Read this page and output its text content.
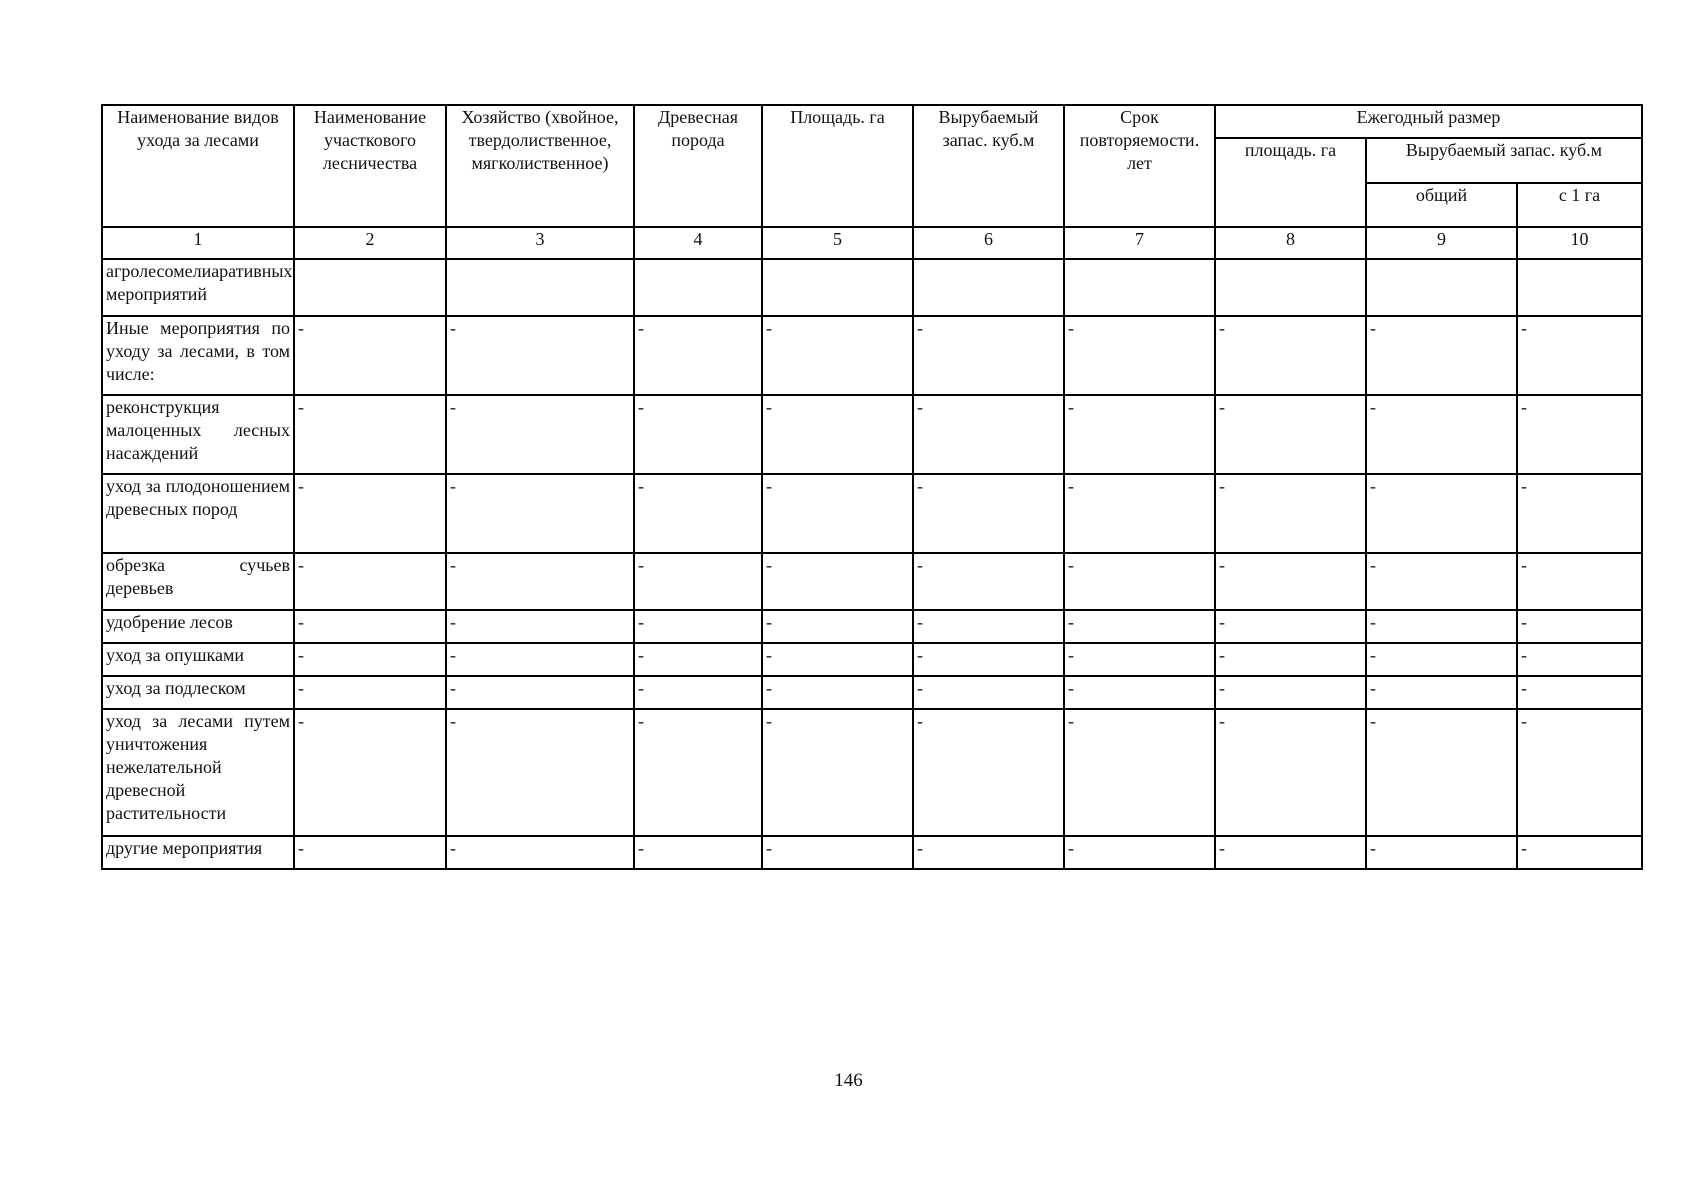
Наименование видов ухода за лесами	Наименование участкового лесничества	Хозяйство (хвойное, твердолиственное, мягколиственное)	Древесная порода	Площадь. га	Вырубаемый запас. куб.м	Срок повторяемости. лет	Ежегодный размер		
							площадь. га	Вырубаемый запас. куб.м	
								общий	с 1 га
1	2	3	4	5	6	7	8	9	10
агролесомелиаративных мероприятий									
Иные мероприятия по уходу за лесами, в том числе:	-	-	-	-	-	-	-	-	-
реконструкция малоценных лесных насаждений	-	-	-	-	-	-	-	-	-
уход за плодоношением древесных пород	-	-	-	-	-	-	-	-	-
обрезка сучьев деревьев	-	-	-	-	-	-	-	-	-
удобрение лесов	-	-	-	-	-	-	-	-	-
уход за опушками	-	-	-	-	-	-	-	-	-
уход за подлеском	-	-	-	-	-	-	-	-	-
уход за лесами путем уничтожения нежелательной древесной растительности	-	-	-	-	-	-	-	-	-
другие мероприятия	-	-	-	-	-	-	-	-	-
146
